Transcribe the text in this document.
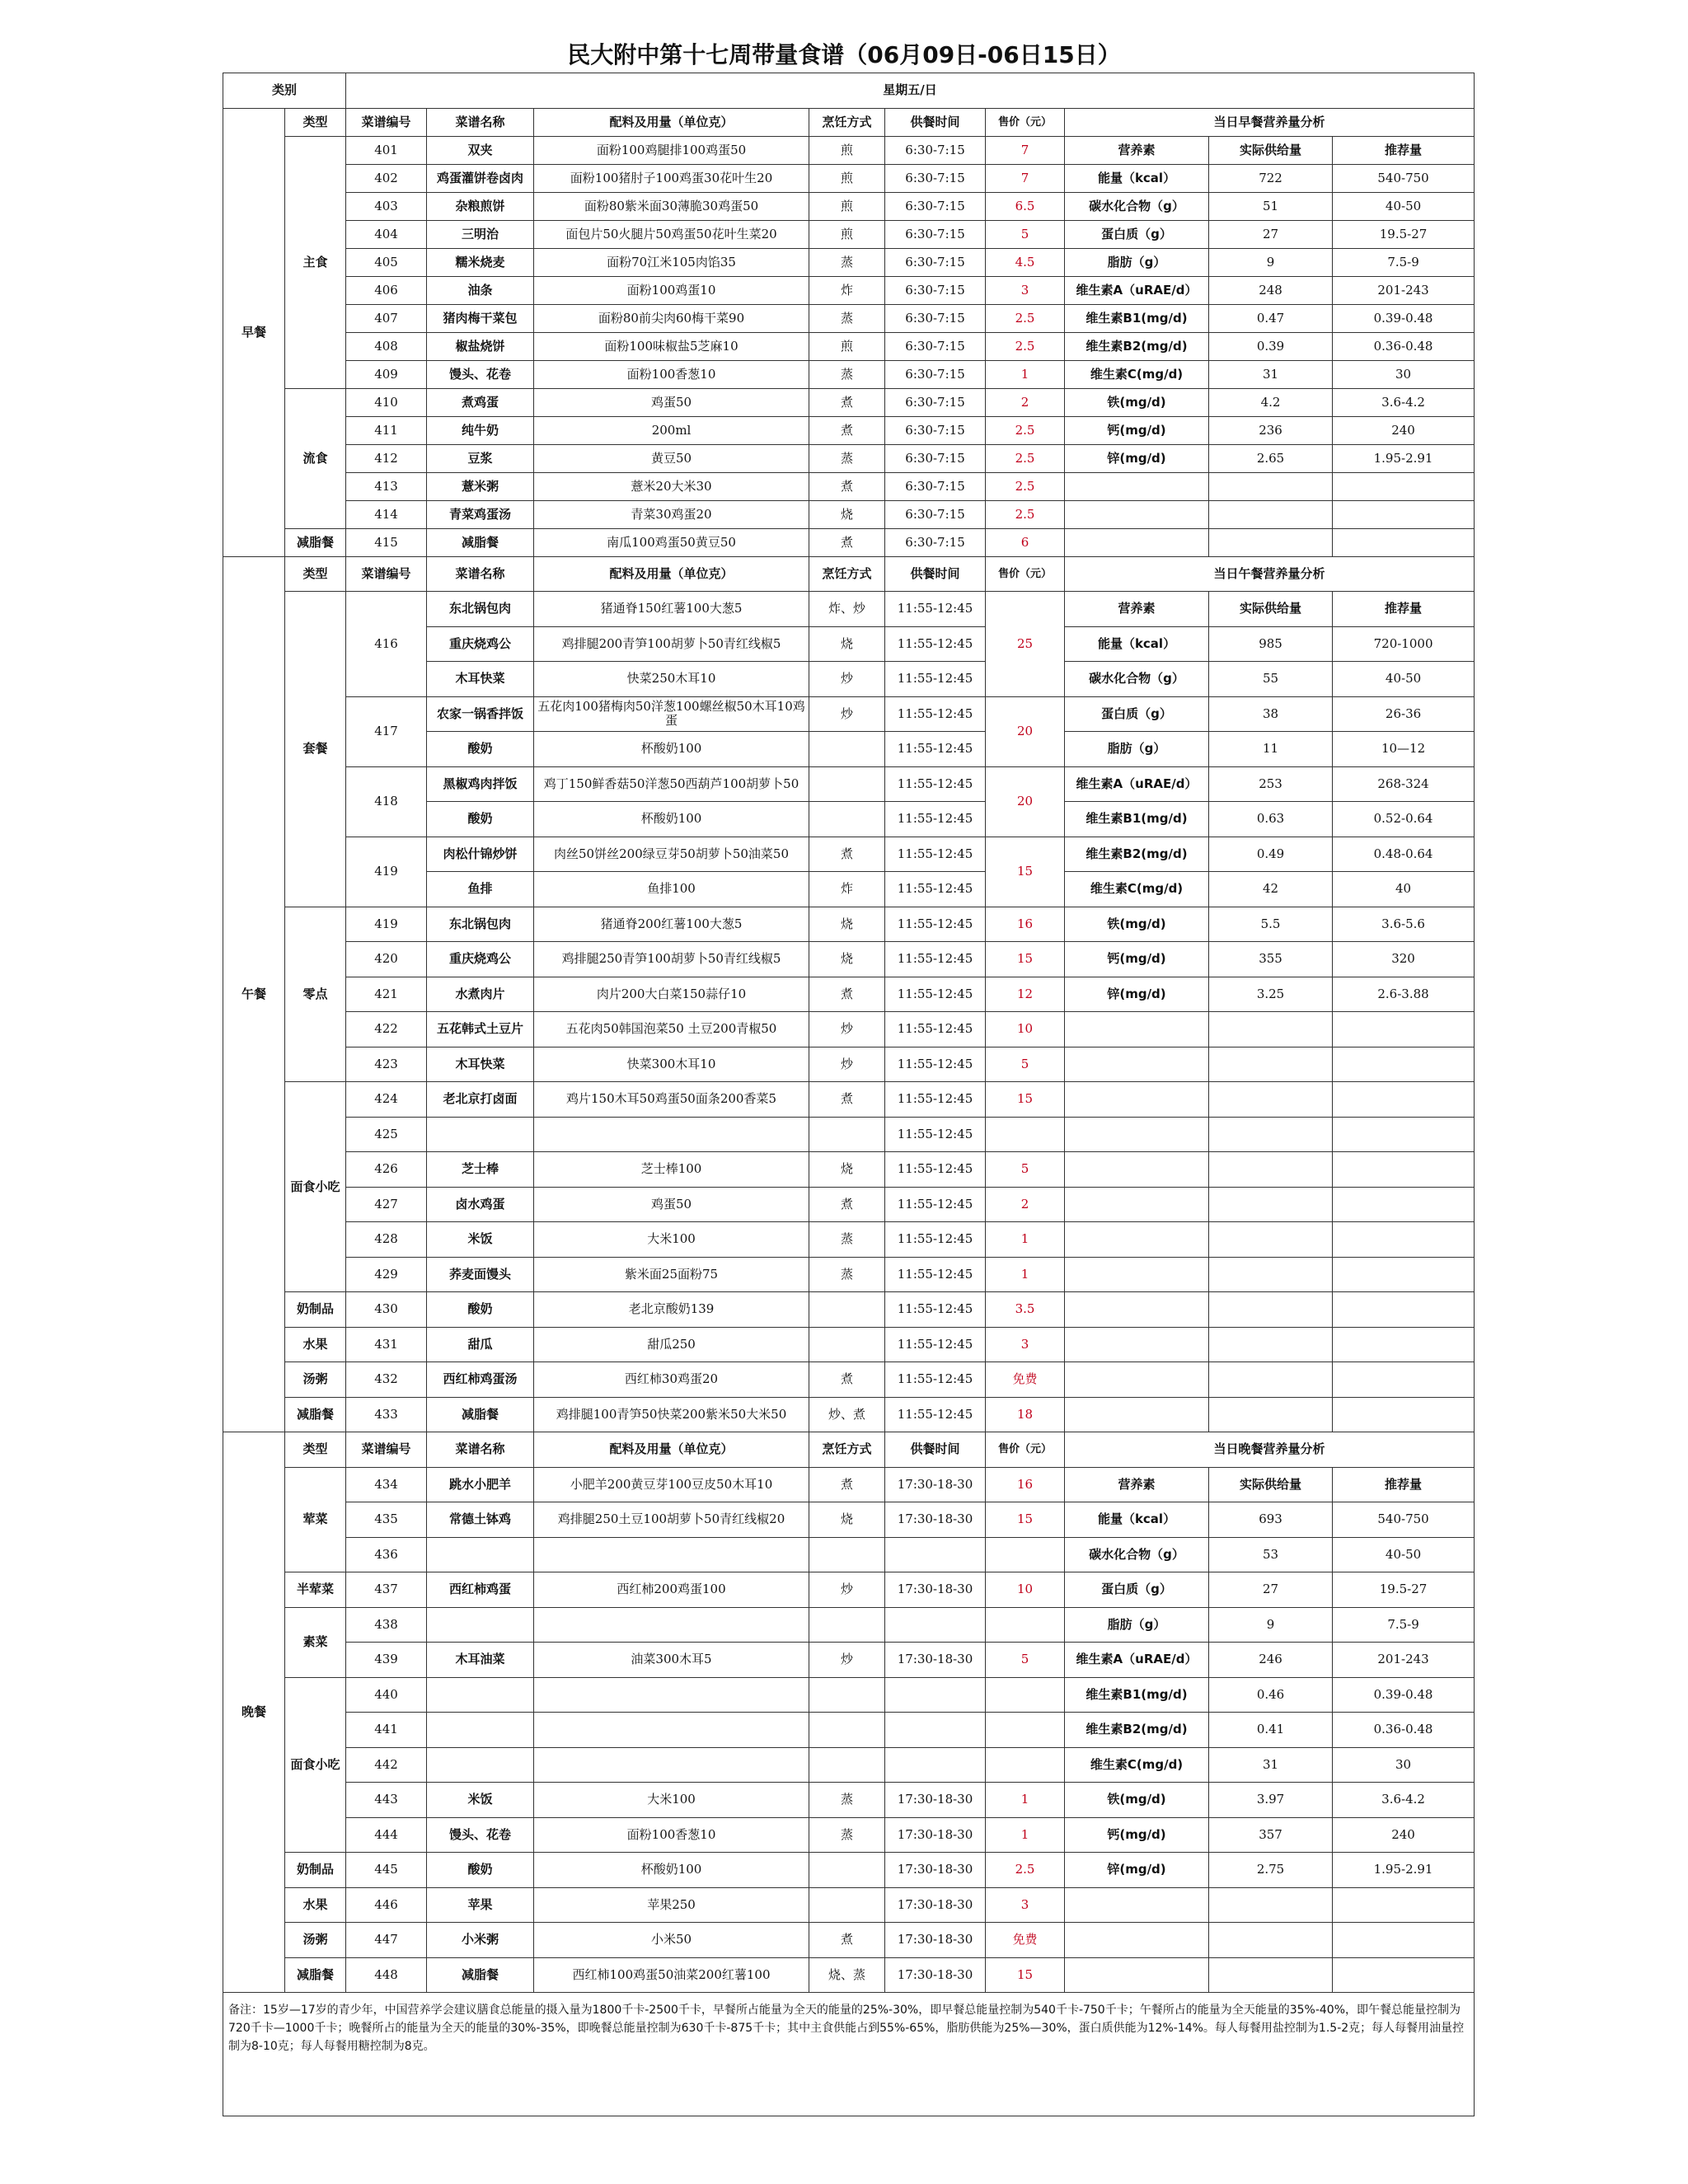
民大附中第十七周带量食谱（06月09日-06日15日）
类别		星期五/日								
早餐	类型	菜谱编号	菜谱名称	配料及用量（单位克）	烹饪方式	供餐时间	售价（元）	当日早餐营养量分析		
	主食	401	双夹	面粉100鸡腿排100鸡蛋50	煎	6:30-7:15	7	营养素	实际供给量	推荐量
		402	鸡蛋灌饼卷卤肉	面粉100猪肘子100鸡蛋30花叶生20	煎	6:30-7:15	7	能量（kcal）	722	540-750
		403	杂粮煎饼	面粉80紫米面30薄脆30鸡蛋50	煎	6:30-7:15	6.5	碳水化合物（g）	51	40-50
		404	三明治	面包片50火腿片50鸡蛋50花叶生菜20	煎	6:30-7:15	5	蛋白质（g）	27	19.5-27
		405	糯米烧麦	面粉70江米105肉馅35	蒸	6:30-7:15	4.5	脂肪（g）	9	7.5-9
		406	油条	面粉100鸡蛋10	炸	6:30-7:15	3	维生素A（uRAE/d）	248	201-243
		407	猪肉梅干菜包	面粉80前尖肉60梅干菜90	蒸	6:30-7:15	2.5	维生素B1(mg/d)	0.47	0.39-0.48
		408	椒盐烧饼	面粉100味椒盐5芝麻10	煎	6:30-7:15	2.5	维生素B2(mg/d)	0.39	0.36-0.48
		409	馒头、花卷	面粉100香葱10	蒸	6:30-7:15	1	维生素C(mg/d)	31	30
	流食	410	煮鸡蛋	鸡蛋50	煮	6:30-7:15	2	铁(mg/d)	4.2	3.6-4.2
		411	纯牛奶	200ml	煮	6:30-7:15	2.5	钙(mg/d)	236	240
		412	豆浆	黄豆50	蒸	6:30-7:15	2.5	锌(mg/d)	2.65	1.95-2.91
		413	薏米粥	薏米20大米30	煮	6:30-7:15	2.5			
		414	青菜鸡蛋汤	青菜30鸡蛋20	烧	6:30-7:15	2.5			
	减脂餐	415	减脂餐	南瓜100鸡蛋50黄豆50	煮	6:30-7:15	6			
午餐	类型	菜谱编号	菜谱名称	配料及用量（单位克）	烹饪方式	供餐时间	售价（元）	当日午餐营养量分析		
	套餐	416	东北锅包肉	猪通脊150红薯100大葱5	炸、炒	11:55-12:45	25	营养素	实际供给量	推荐量
			重庆烧鸡公	鸡排腿200青笋100胡萝卜50青红线椒5	烧	11:55-12:45		能量（kcal）	985	720-1000
			木耳快菜	快菜250木耳10	炒	11:55-12:45		碳水化合物（g）	55	40-50
		417	农家一锅香拌饭	五花肉100猪梅肉50洋葱100螺丝椒50木耳10鸡蛋	炒	11:55-12:45	20	蛋白质（g）	38	26-36
			酸奶	杯酸奶100		11:55-12:45		脂肪（g）	11	10—12
		418	黑椒鸡肉拌饭	鸡丁150鲜香菇50洋葱50西葫芦100胡萝卜50		11:55-12:45	20	维生素A（uRAE/d）	253	268-324
			酸奶	杯酸奶100		11:55-12:45		维生素B1(mg/d)	0.63	0.52-0.64
		419	肉松什锦炒饼	肉丝50饼丝200绿豆芽50胡萝卜50油菜50	煮	11:55-12:45	15	维生素B2(mg/d)	0.49	0.48-0.64
			鱼排	鱼排100	炸	11:55-12:45		维生素C(mg/d)	42	40
	零点	419	东北锅包肉	猪通脊200红薯100大葱5	烧	11:55-12:45	16	铁(mg/d)	5.5	3.6-5.6
		420	重庆烧鸡公	鸡排腿250青笋100胡萝卜50青红线椒5	烧	11:55-12:45	15	钙(mg/d)	355	320
		421	水煮肉片	肉片200大白菜150蒜仔10	煮	11:55-12:45	12	锌(mg/d)	3.25	2.6-3.88
		422	五花韩式土豆片	五花肉50韩国泡菜50 土豆200青椒50	炒	11:55-12:45	10			
		423	木耳快菜	快菜300木耳10	炒	11:55-12:45	5			
	面食小吃	424	老北京打卤面	鸡片150木耳50鸡蛋50面条200香菜5	煮	11:55-12:45	15			
		425				11:55-12:45				
		426	芝士棒	芝士棒100	烧	11:55-12:45	5			
		427	卤水鸡蛋	鸡蛋50	煮	11:55-12:45	2			
		428	米饭	大米100	蒸	11:55-12:45	1			
		429	荞麦面馒头	紫米面25面粉75	蒸	11:55-12:45	1			
	奶制品	430	酸奶	老北京酸奶139		11:55-12:45	3.5			
	水果	431	甜瓜	甜瓜250		11:55-12:45	3			
	汤粥	432	西红柿鸡蛋汤	西红柿30鸡蛋20	煮	11:55-12:45	免费			
	减脂餐	433	减脂餐	鸡排腿100青笋50快菜200紫米50大米50	炒、煮	11:55-12:45	18			
晚餐	类型	菜谱编号	菜谱名称	配料及用量（单位克）	烹饪方式	供餐时间	售价（元）	当日晚餐营养量分析		
	荤菜	434	跳水小肥羊	小肥羊200黄豆芽100豆皮50木耳10	煮	17:30-18-30	16	营养素	实际供给量	推荐量
		435	常德土钵鸡	鸡排腿250土豆100胡萝卜50青红线椒20	烧	17:30-18-30	15	能量（kcal）	693	540-750
		436						碳水化合物（g）	53	40-50
	半荤菜	437	西红柿鸡蛋	西红柿200鸡蛋100	炒	17:30-18-30	10	蛋白质（g）	27	19.5-27
	素菜	438						脂肪（g）	9	7.5-9
		439	木耳油菜	油菜300木耳5	炒	17:30-18-30	5	维生素A（uRAE/d）	246	201-243
	面食小吃	440						维生素B1(mg/d)	0.46	0.39-0.48
		441						维生素B2(mg/d)	0.41	0.36-0.48
		442						维生素C(mg/d)	31	30
		443	米饭	大米100	蒸	17:30-18-30	1	铁(mg/d)	3.97	3.6-4.2
		444	馒头、花卷	面粉100香葱10	蒸	17:30-18-30	1	钙(mg/d)	357	240
	奶制品	445	酸奶	杯酸奶100		17:30-18-30	2.5	锌(mg/d)	2.75	1.95-2.91
	水果	446	苹果	苹果250		17:30-18-30	3			
	汤粥	447	小米粥	小米50	煮	17:30-18-30	免费			
	减脂餐	448	减脂餐	西红柿100鸡蛋50油菜200红薯100	烧、蒸	17:30-18-30	15			
备注：15岁—17岁的青少年，中国营养学会建议膳食总能量的摄入量为1800千卡-2500千卡，早餐所占能量为全天的能量的25%-30%，即早餐总能量控制为540千卡-750千卡；午餐所占的能量为全天能量的35%-40%，即午餐总能量控制为720千卡—1000千卡；晚餐所占的能量为全天的能量的30%-35%，即晚餐总能量控制为630千卡-875千卡；其中主食供能占到55%-65%，脂肪供能为25%—30%，蛋白质供能为12%-14%。每人每餐用盐控制为1.5-2克；每人每餐用油量控制为8-10克；每人每餐用糖控制为8克。										
